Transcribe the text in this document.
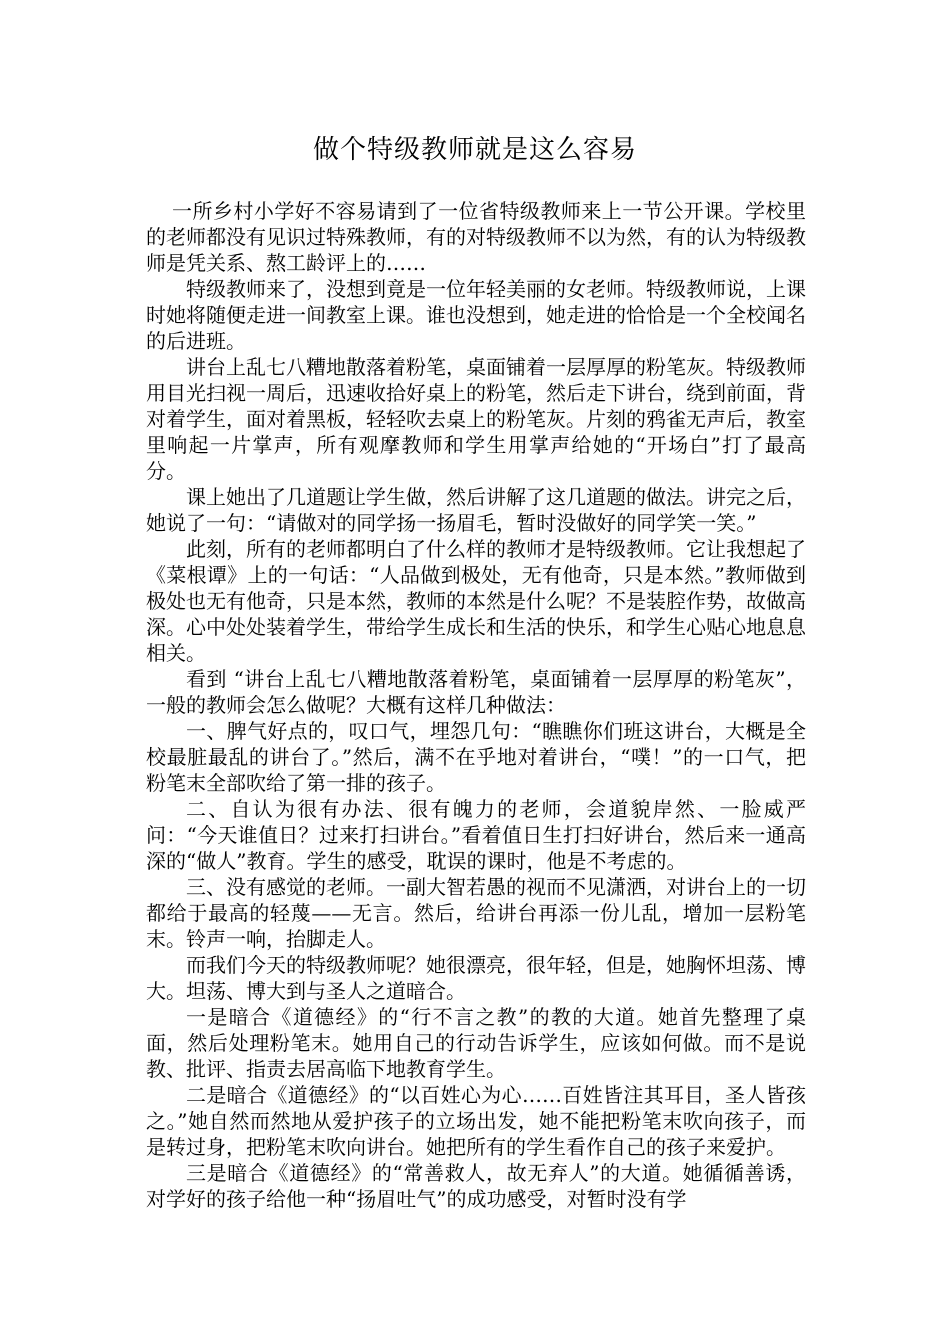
做个特级教师就是这么容易

一所乡村小学好不容易请到了一位省特级教师来上一节公开课。学校里的老师都没有见识过特殊教师，有的对特级教师不以为然，有的认为特级教师是凭关系、熬工龄评上的……

特级教师来了，没想到竟是一位年轻美丽的女老师。特级教师说，上课时她将随便走进一间教室上课。谁也没想到，她走进的恰恰是一个全校闻名的后进班。

讲台上乱七八糟地散落着粉笔，桌面铺着一层厚厚的粉笔灰。特级教师用目光扫视一周后，迅速收拾好桌上的粉笔，然后走下讲台，绕到前面，背对着学生，面对着黑板，轻轻吹去桌上的粉笔灰。片刻的鸦雀无声后，教室里响起一片掌声，所有观摩教师和学生用掌声给她的“开场白”打了最高分。

课上她出了几道题让学生做，然后讲解了这几道题的做法。讲完之后，她说了一句：“请做对的同学扬一扬眉毛，暂时没做好的同学笑一笑。”

此刻，所有的老师都明白了什么样的教师才是特级教师。它让我想起了《菜根谭》上的一句话：“人品做到极处，无有他奇，只是本然。”教师做到极处也无有他奇，只是本然，教师的本然是什么呢？不是装腔作势，故做高深。心中处处装着学生，带给学生成长和生活的快乐，和学生心贴心地息息相关。

看到 “讲台上乱七八糟地散落着粉笔，桌面铺着一层厚厚的粉笔灰”，一般的教师会怎么做呢？大概有这样几种做法：

一、脾气好点的，叹口气，埋怨几句：“瞧瞧你们班这讲台，大概是全校最脏最乱的讲台了。”然后，满不在乎地对着讲台，“噗！”的一口气，把粉笔末全部吹给了第一排的孩子。

二、自认为很有办法、很有魄力的老师，会道貌岸然、一脸威严问：“今天谁值日？过来打扫讲台。”看着值日生打扫好讲台，然后来一通高深的“做人”教育。学生的感受，耽误的课时，他是不考虑的。

三、没有感觉的老师。一副大智若愚的视而不见潇洒，对讲台上的一切都给于最高的轻蔑——无言。然后，给讲台再添一份儿乱，增加一层粉笔末。铃声一响，抬脚走人。

而我们今天的特级教师呢？她很漂亮，很年轻，但是，她胸怀坦荡、博大。坦荡、博大到与圣人之道暗合。

一是暗合《道德经》的“行不言之教”的教的大道。她首先整理了桌面，然后处理粉笔末。她用自己的行动告诉学生，应该如何做。而不是说教、批评、指责去居高临下地教育学生。

二是暗合《道德经》的“以百姓心为心……百姓皆注其耳目，圣人皆孩之。”她自然而然地从爱护孩子的立场出发，她不能把粉笔末吹向孩子，而是转过身，把粉笔末吹向讲台。她把所有的学生看作自己的孩子来爱护。

三是暗合《道德经》的“常善救人，故无弃人”的大道。她循循善诱，对学好的孩子给他一种“扬眉吐气”的成功感受，对暂时没有学
